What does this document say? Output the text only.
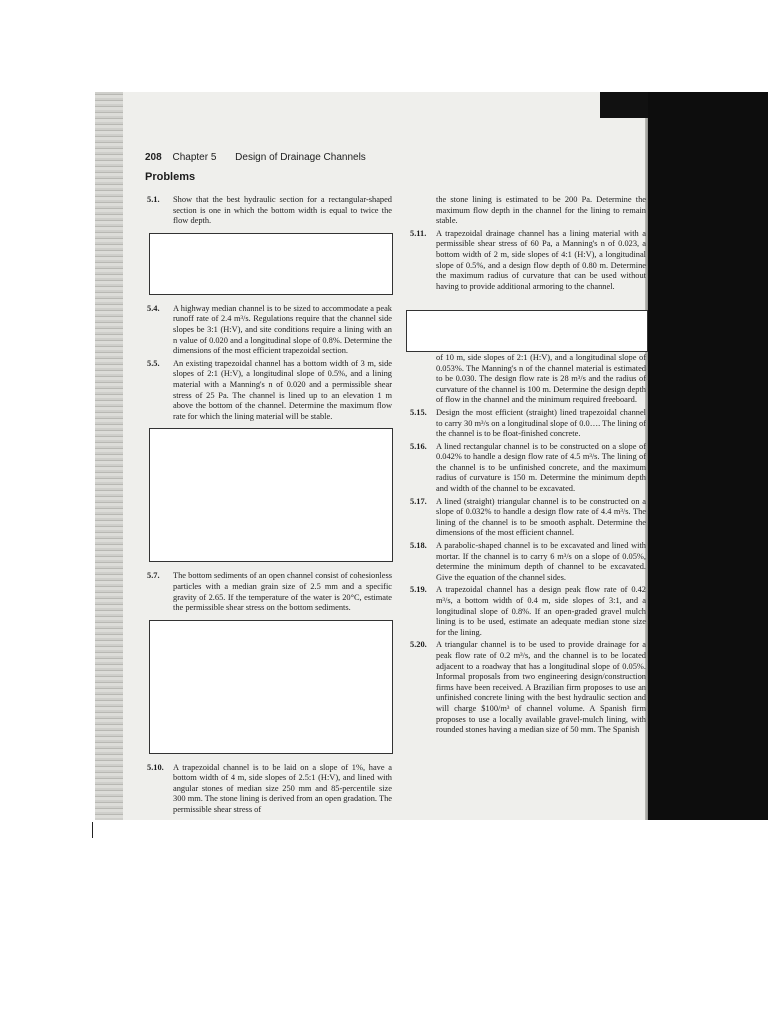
208 Chapter 5 Design of Drainage Channels
Problems
5.1. Show that the best hydraulic section for a rectangular-shaped section is one in which the bottom width is equal to twice the flow depth.
5.4. A highway median channel is to be sized to accommodate a peak runoff rate of 2.4 m³/s. Regulations require that the channel side slopes be 3:1 (H:V), and site conditions require a lining with an n value of 0.020 and a longitudinal slope of 0.8%. Determine the dimensions of the most efficient trapezoidal section.
5.5. An existing trapezoidal channel has a bottom width of 3 m, side slopes of 2:1 (H:V), a longitudinal slope of 0.5%, and a lining material with a Manning's n of 0.020 and a permissible shear stress of 25 Pa. The channel is lined up to an elevation 1 m above the bottom of the channel. Determine the maximum flow rate for which the lining material will be stable.
5.7. The bottom sediments of an open channel consist of cohesionless particles with a median grain size of 2.5 mm and a specific gravity of 2.65. If the temperature of the water is 20°C, estimate the permissible shear stress on the bottom sediments.
5.10. A trapezoidal channel is to be laid on a slope of 1%, have a bottom width of 4 m, side slopes of 2.5:1 (H:V), and lined with angular stones of median size 250 mm and 85-percentile size 300 mm. The stone lining is derived from an open gradation. The permissible shear stress of
the stone lining is estimated to be 200 Pa. Determine the maximum flow depth in the channel for the lining to remain stable.
5.11. A trapezoidal drainage channel has a lining material with a permissible shear stress of 60 Pa, a Manning's n of 0.023, a bottom width of 2 m, side slopes of 4:1 (H:V), a longitudinal slope of 0.5%, and a design flow depth of 0.80 m. Determine the maximum radius of curvature that can be used without having to provide additional armoring to the channel.
of 10 m, side slopes of 2:1 (H:V), and a longitudinal slope of 0.053%. The Manning's n of the channel material is estimated to be 0.030. The design flow rate is 28 m³/s and the radius of curvature of the channel is 100 m. Determine the design depth of flow in the channel and the minimum required freeboard.
5.15. Design the most efficient (straight) lined trapezoidal channel to carry 30 m³/s on a longitudinal slope of 0.0…. The lining of the channel is to be float-finished concrete.
5.16. A lined rectangular channel is to be constructed on a slope of 0.042% to handle a design flow rate of 4.5 m³/s. The lining of the channel is to be unfinished concrete, and the maximum radius of curvature is 150 m. Determine the minimum depth and width of the channel to be excavated.
5.17. A lined (straight) triangular channel is to be constructed on a slope of 0.032% to handle a design flow rate of 4.4 m³/s. The lining of the channel is to be smooth asphalt. Determine the dimensions of the most efficient channel.
5.18. A parabolic-shaped channel is to be excavated and lined with mortar. If the channel is to carry 6 m³/s on a slope of 0.05%, determine the minimum depth of channel to be excavated. Give the equation of the channel sides.
5.19. A trapezoidal channel has a design peak flow rate of 0.42 m³/s, a bottom width of 0.4 m, side slopes of 3:1, and a longitudinal slope of 0.8%. If an open-graded gravel mulch lining is to be used, estimate an adequate median stone size for the lining.
5.20. A triangular channel is to be used to provide drainage for a peak flow rate of 0.2 m³/s, and the channel is to be located adjacent to a roadway that has a longitudinal slope of 0.05%. Informal proposals from two engineering design/construction firms have been received. A Brazilian firm proposes to use an unfinished concrete lining with the best hydraulic section and will charge $100/m³ of channel volume. A Spanish firm proposes to use a locally available gravel-mulch lining, with rounded stones having a median size of 50 mm. The Spanish
